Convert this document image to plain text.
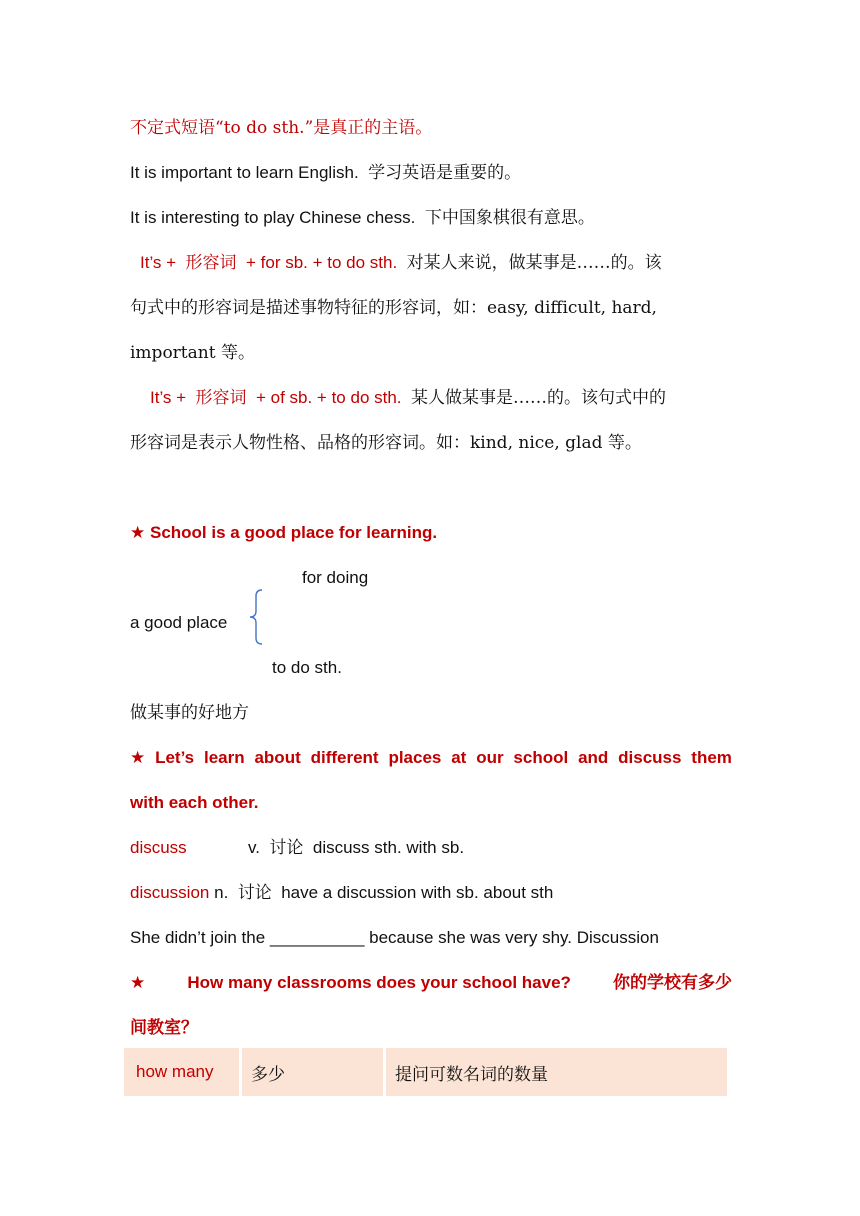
不定式短语“to do sth.”是真正的主语。
It is important to learn English. 学习英语是重要的。
It is interesting to play Chinese chess. 下中国象棋很有意思。
It’s + 形容词 + for sb. + to do sth. 对某人来说，做某事是……的。该
句式中的形容词是描述事物特征的形容词，如：easy, difficult, hard,
important 等。
It’s + 形容词 + of sb. + to do sth. 某人做某事是……的。该句式中的
形容词是表示人物性格、品格的形容词。如：kind, nice, glad 等。
★ School is a good place for learning.
for doing
a good place
to do sth.
做某事的好地方
★ Let’s learn about different places at our school and discuss them
with each other.
discuss	v. 讨论 discuss sth. with sb.
discussion n. 讨论 have a discussion with sb. about sth
She didn’t join the __________ because she was very shy. Discussion
★ How many classrooms does your school have? 你的学校有多少
间教室？
how many	多少	提问可数名词的数量
